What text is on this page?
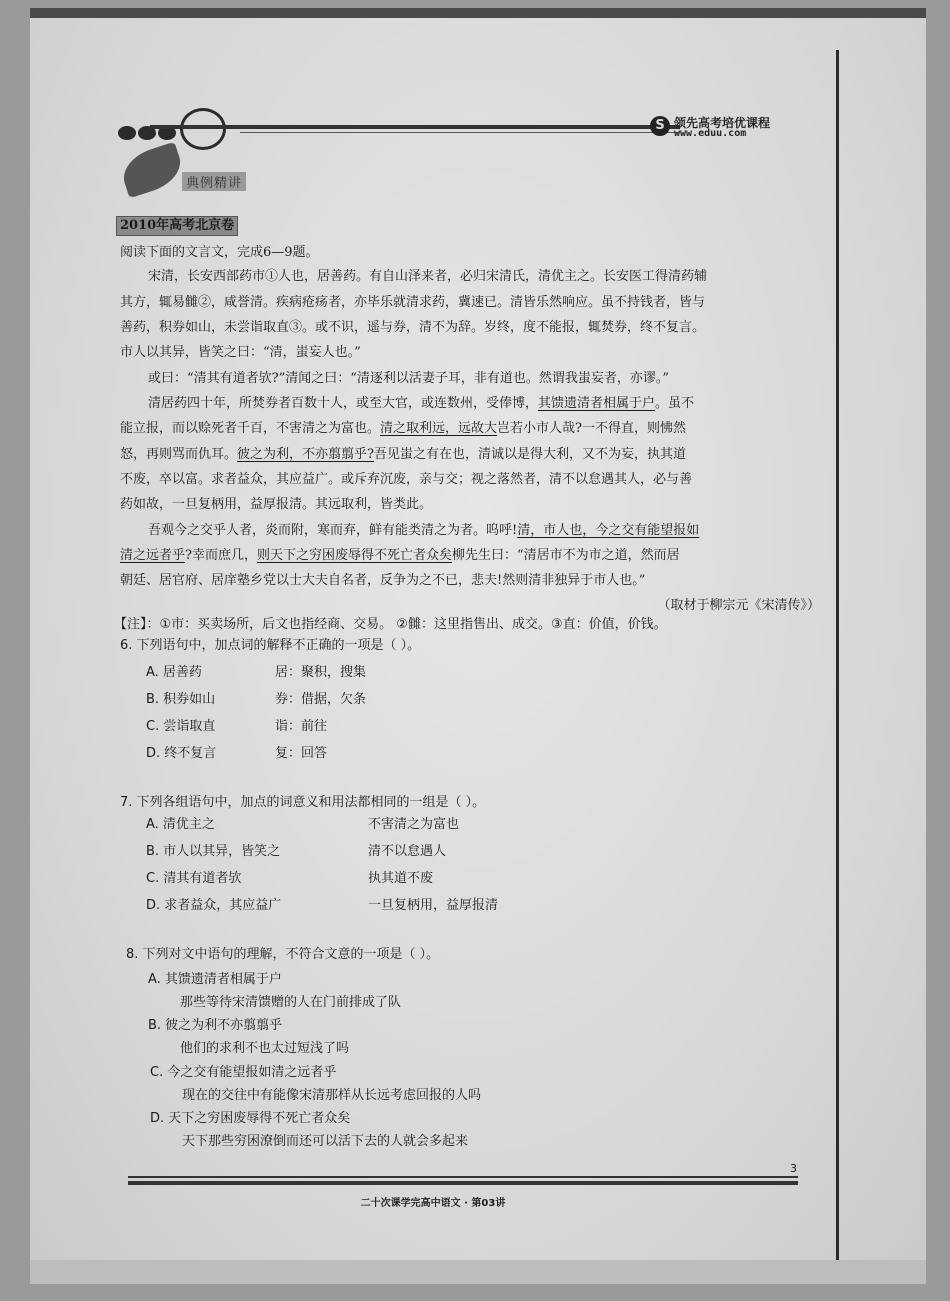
S 领先高考培优课程
www.eduu.com
典例精讲
2010年高考北京卷
阅读下面的文言文，完成6—9题。
宋清，长安西部药市①人也，居善药。有自山泽来者，必归宋清氏，清优主之。长安医工得清药辅
其方，辄易雠②，咸誉清。疾病疮疡者，亦毕乐就清求药，冀速已。清皆乐然响应。虽不持钱者，皆与
善药，积券如山，未尝诣取直③。或不识，遥与券，清不为辞。岁终，度不能报，辄焚券，终不复言。
市人以其异，皆笑之曰：“清，蚩妄人也。”
或曰：“清其有道者欤?”清闻之曰：“清逐利以活妻子耳，非有道也。然谓我蚩妄者，亦谬。”
清居药四十年，所焚券者百数十人，或至大官，或连数州，受俸博，其馈遗清者相属于户。虽不
能立报，而以赊死者千百，不害清之为富也。清之取利远，远故大岂若小市人哉?一不得直，则怫然
怒，再则骂而仇耳。彼之为利，不亦翦翦乎?吾见蚩之有在也，清诚以是得大利，又不为妄，执其道
不废，卒以富。求者益众，其应益广。或斥弃沉废，亲与交；视之落然者，清不以怠遇其人，必与善
药如故，一旦复柄用，益厚报清。其远取利，皆类此。
吾观今之交乎人者，炎而附，寒而弃，鲜有能类清之为者。呜呼!清，市人也，今之交有能望报如
清之远者乎?幸而庶几，则天下之穷困废辱得不死亡者众矣柳先生曰：“清居市不为市之道，然而居
朝廷、居官府、居庠塾乡党以士大夫自名者，反争为之不已，悲夫!然则清非独异于市人也。”
（取材于柳宗元《宋清传》）
【注】：①市：买卖场所，后文也指经商、交易。 ②雠：这里指售出、成交。③直：价值，价钱。
6. 下列语句中，加点词的解释不正确的一项是（ ）。
A. 居善药	居：聚积，搜集
B. 积券如山	券：借据，欠条
C. 尝诣取直	诣：前往
D. 终不复言	复：回答
7. 下列各组语句中，加点的词意义和用法都相同的一组是（ ）。
A. 清优主之	不害清之为富也
B. 市人以其异，皆笑之	清不以怠遇人
C. 清其有道者欤	执其道不废
D. 求者益众，其应益广	一旦复柄用，益厚报清
8. 下列对文中语句的理解，不符合文意的一项是（ ）。
A. 其馈遗清者相属于户
那些等待宋清馈赠的人在门前排成了队
B. 彼之为利不亦翦翦乎
他们的求利不也太过短浅了吗
C. 今之交有能望报如清之远者乎
现在的交往中有能像宋清那样从长远考虑回报的人吗
D. 天下之穷困废辱得不死亡者众矣
天下那些穷困潦倒而还可以活下去的人就会多起来
3
二十次课学完高中语文 · 第03讲
